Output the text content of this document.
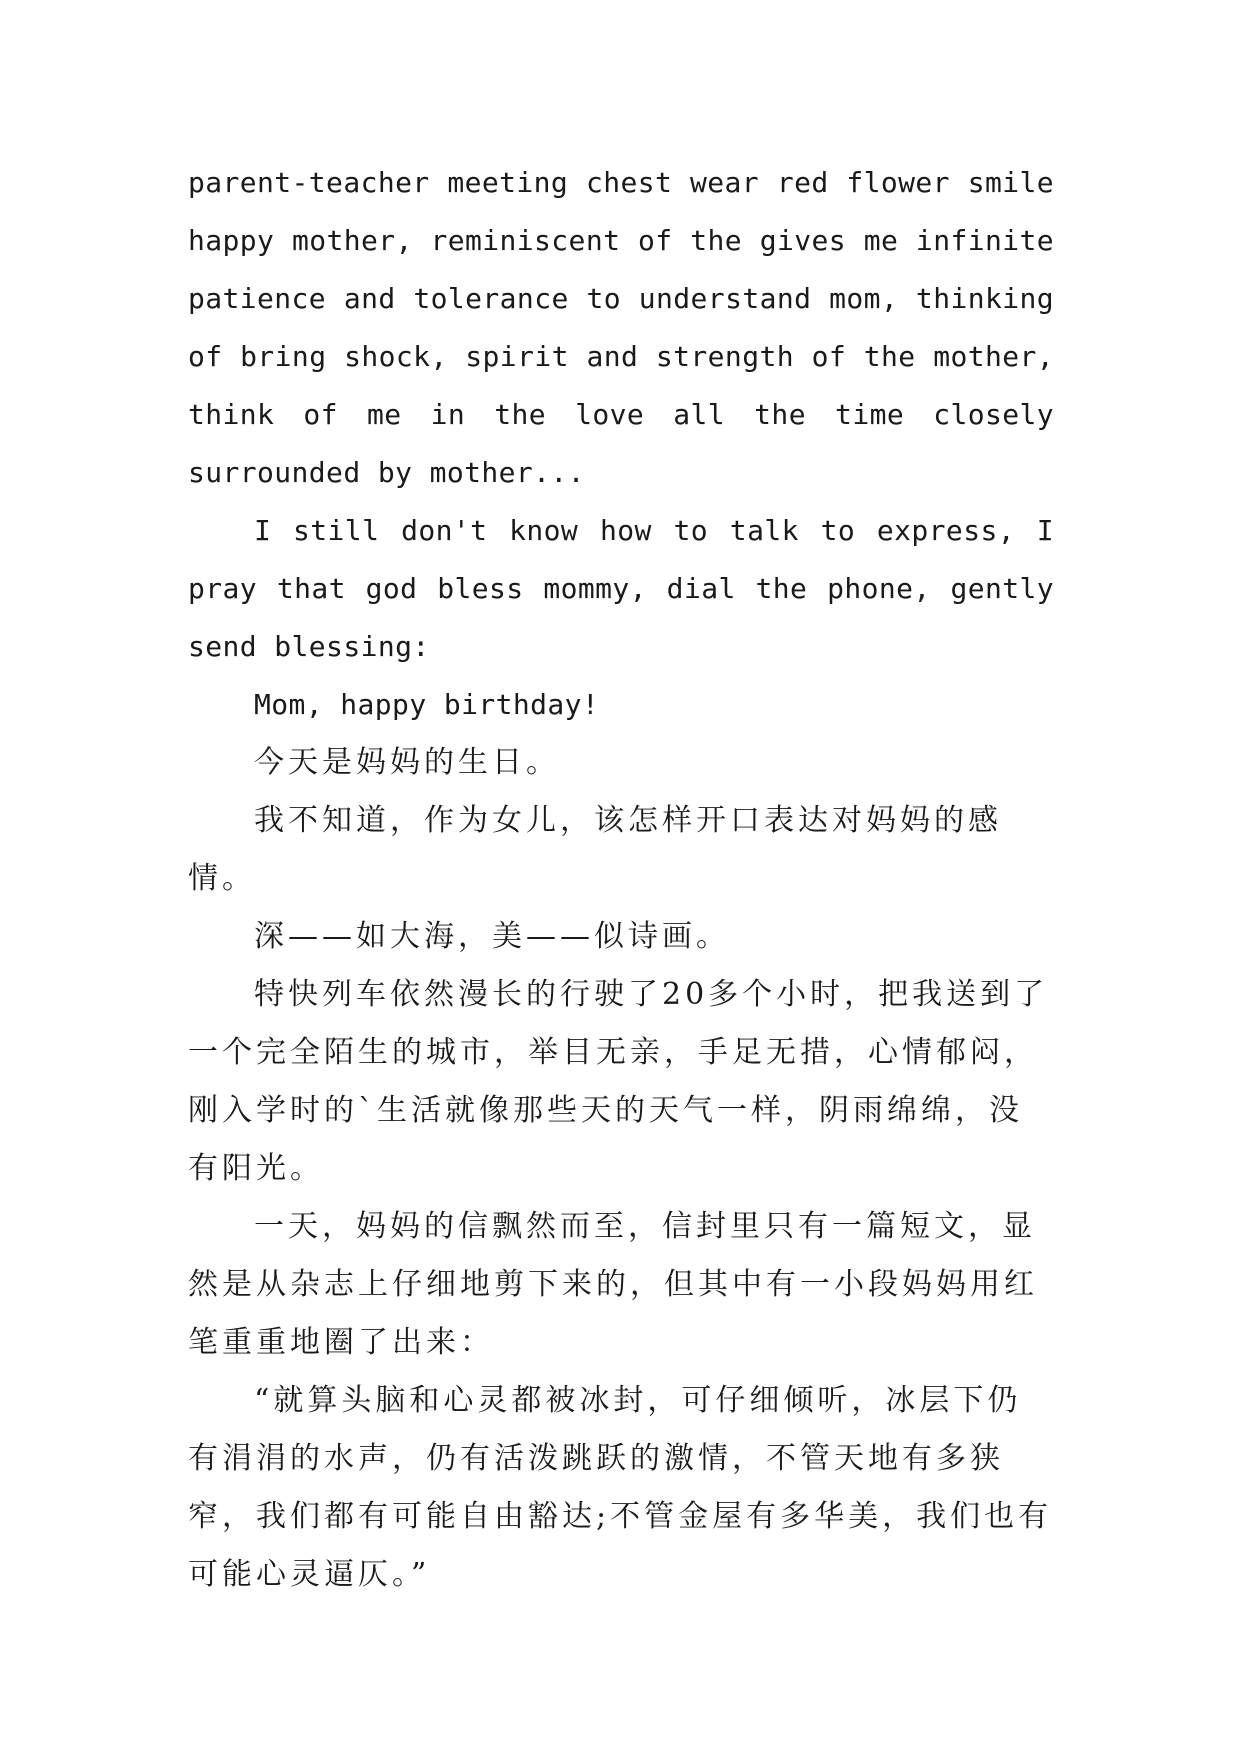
parent-teacher meeting chest wear red flower smile happy mother, reminiscent of the gives me infinite patience and tolerance to understand mom, thinking of bring shock, spirit and strength of the mother, think of me in the love all the time closely surrounded by mother...

I still don't know how to talk to express, I pray that god bless mommy, dial the phone, gently send blessing:

Mom, happy birthday!

今天是妈妈的生日。

我不知道，作为女儿，该怎样开口表达对妈妈的感情。

深——如大海，美——似诗画。

特快列车依然漫长的行驶了20多个小时，把我送到了一个完全陌生的城市，举目无亲，手足无措，心情郁闷，刚入学时的`生活就像那些天的天气一样，阴雨绵绵，没有阳光。

一天，妈妈的信飘然而至，信封里只有一篇短文，显然是从杂志上仔细地剪下来的，但其中有一小段妈妈用红笔重重地圈了出来：

“就算头脑和心灵都被冰封，可仔细倾听，冰层下仍有涓涓的水声，仍有活泼跳跃的激情，不管天地有多狭窄，我们都有可能自由豁达;不管金屋有多华美，我们也有可能心灵逼仄。”
